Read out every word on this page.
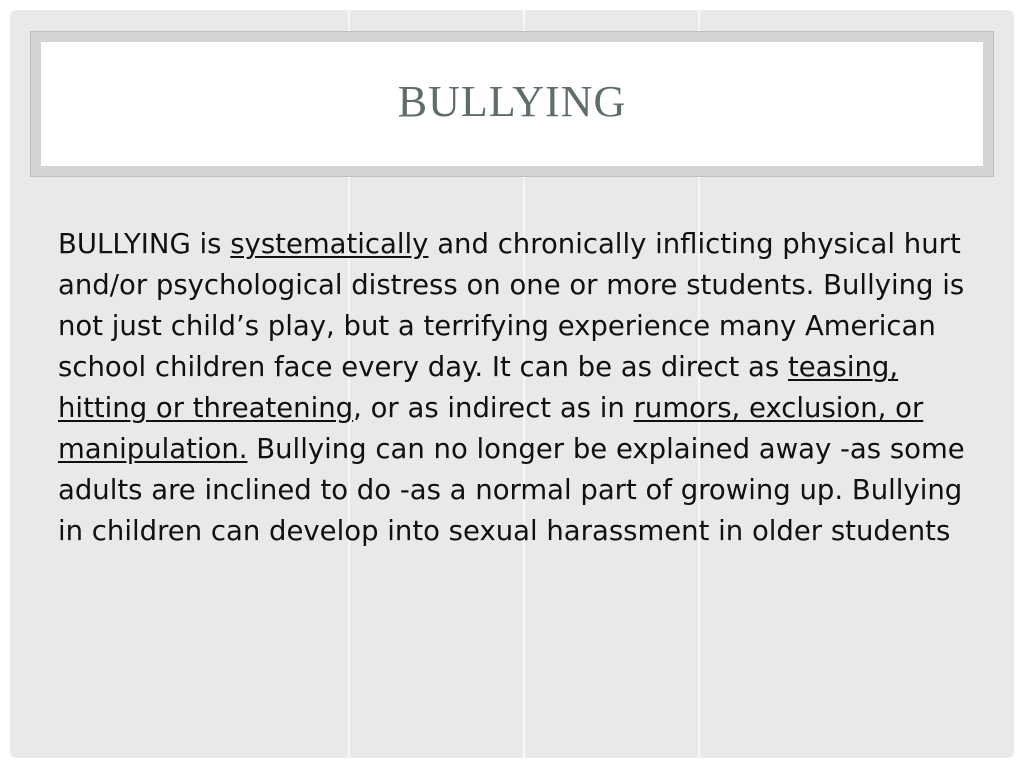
BULLYING
BULLYING is systematically and chronically inflicting physical hurt and/or psychological distress on one or more students. Bullying is not just child’s play, but a terrifying experience many American school children face every day. It can be as direct as teasing, hitting or threatening, or as indirect as in rumors, exclusion, or manipulation. Bullying can no longer be explained away -as some adults are inclined to do -as a normal part of growing up. Bullying in children can develop into sexual harassment in older students
